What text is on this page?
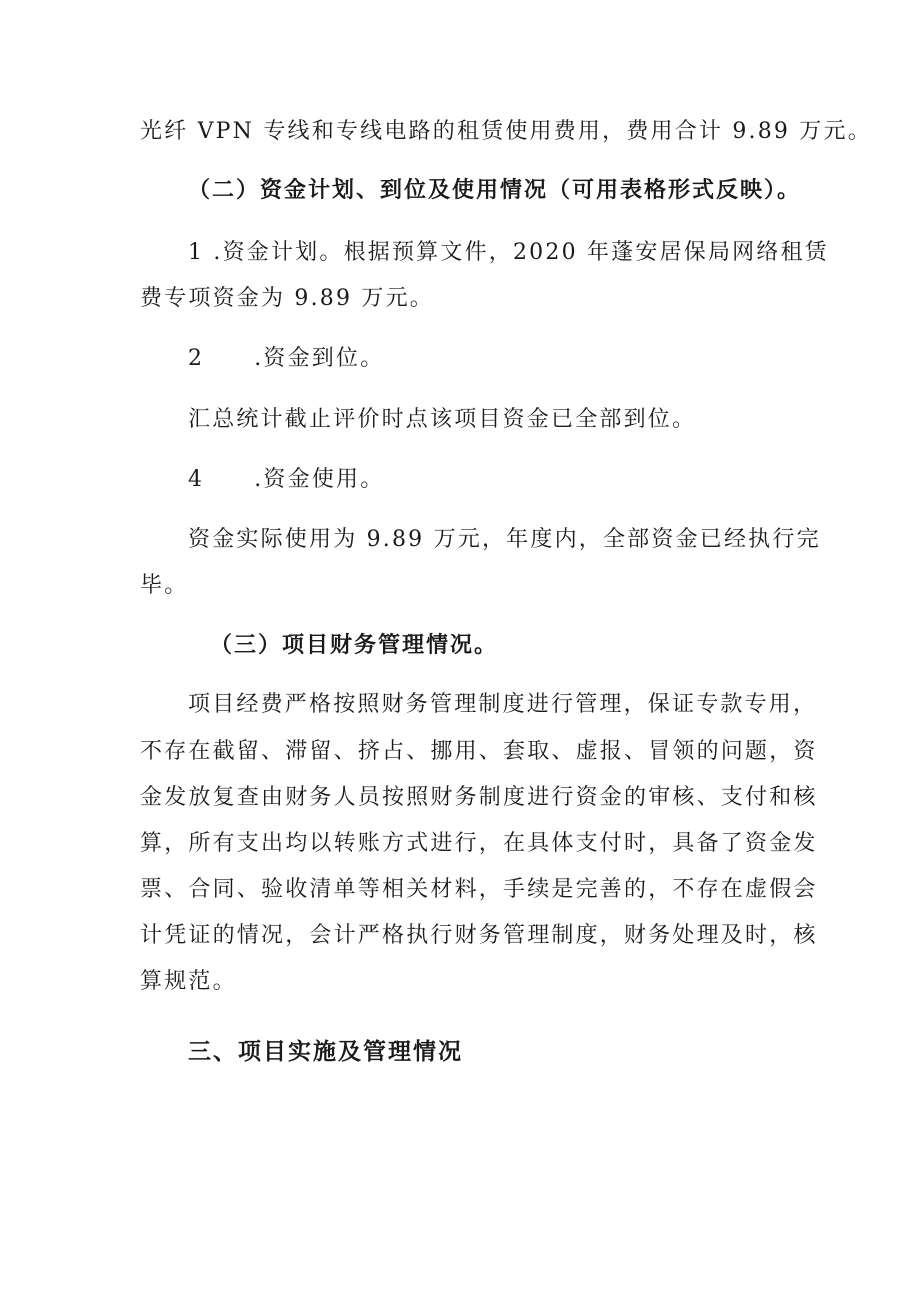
光纤 VPN 专线和专线电路的租赁使用费用，费用合计 9.89 万元。
（二）资金计划、到位及使用情况（可用表格形式反映）。
1 .资金计划。根据预算文件，2020 年蓬安居保局网络租赁
费专项资金为 9.89 万元。
2 .资金到位。
汇总统计截止评价时点该项目资金已全部到位。
4 .资金使用。
资金实际使用为 9.89 万元，年度内，全部资金已经执行完
毕。
（三）项目财务管理情况。
项目经费严格按照财务管理制度进行管理，保证专款专用，
不存在截留、滞留、挤占、挪用、套取、虚报、冒领的问题，资
金发放复查由财务人员按照财务制度进行资金的审核、支付和核
算，所有支出均以转账方式进行，在具体支付时，具备了资金发
票、合同、验收清单等相关材料，手续是完善的，不存在虚假会
计凭证的情况，会计严格执行财务管理制度，财务处理及时，核
算规范。
三、项目实施及管理情况
